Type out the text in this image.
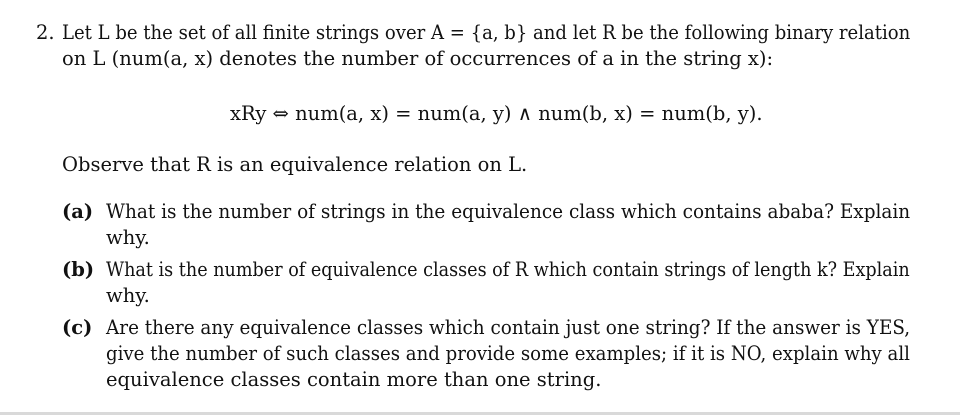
2. Let L be the set of all finite strings over A = {a, b} and let R be the following binary relation
on L (num(a, x) denotes the number of occurrences of a in the string x):
xRy ⇔ num(a, x) = num(a, y) ∧ num(b, x) = num(b, y).
Observe that R is an equivalence relation on L.
(a) What is the number of strings in the equivalence class which contains ababa? Explain
why.
(b) What is the number of equivalence classes of R which contain strings of length k? Explain
why.
(c) Are there any equivalence classes which contain just one string? If the answer is YES,
give the number of such classes and provide some examples; if it is NO, explain why all
equivalence classes contain more than one string.
